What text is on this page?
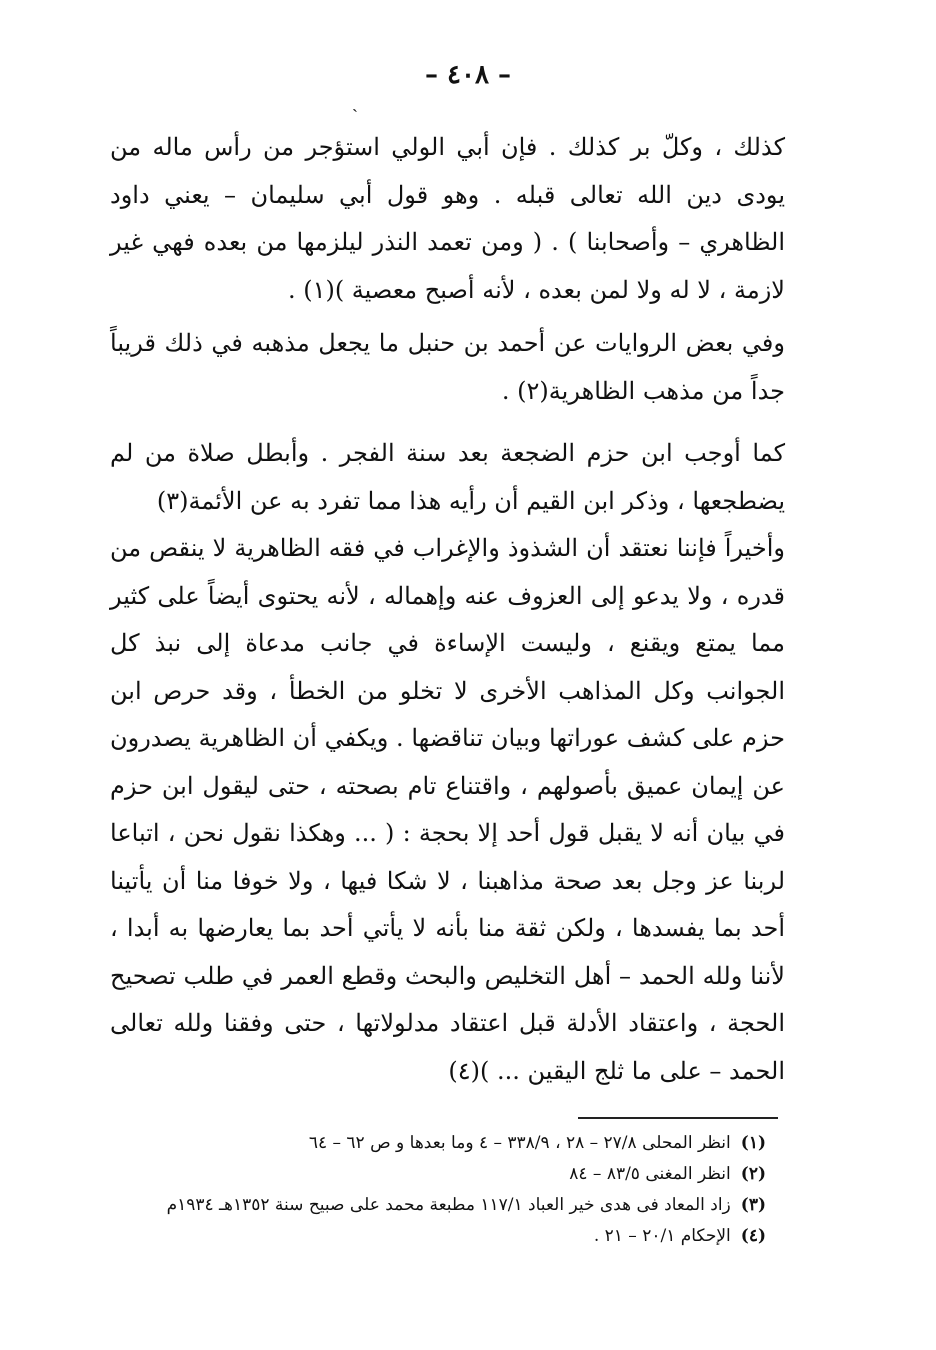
– ٤٠٨ –
ˎ

كذلك ، وكلّ بر كذلك . فإن أبي الولي استؤجر من رأس ماله من يودى دين الله تعالى قبله . وهو قول أبي سليمان – يعني داود الظاهري – وأصحابنا ) . ( ومن تعمد النذر ليلزمها من بعده فهي غير لازمة ، لا له ولا لمن بعده ، لأنه أصبح معصية )(١) .

وفي بعض الروايات عن أحمد بن حنبل ما يجعل مذهبه في ذلك قريباً جداً من مذهب الظاهرية(٢) .

كما أوجب ابن حزم الضجعة بعد سنة الفجر . وأبطل صلاة من لم يضطجعها ، وذكر ابن القيم أن رأيه هذا مما تفرد به عن الأئمة(٣)

وأخيراً فإننا نعتقد أن الشذوذ والإغراب في فقه الظاهرية لا ينقص من قدره ، ولا يدعو إلى العزوف عنه وإهماله ، لأنه يحتوى أيضاً على كثير مما يمتع ويقنع ، وليست الإساءة في جانب مدعاة إلى نبذ كل الجوانب وكل المذاهب الأخرى لا تخلو من الخطأ ، وقد حرص ابن حزم على كشف عوراتها وبيان تناقضها . ويكفي أن الظاهرية يصدرون عن إيمان عميق بأصولهم ، واقتناع تام بصحته ، حتى ليقول ابن حزم في بيان أنه لا يقبل قول أحد إلا بحجة : ( ... وهكذا نقول نحن ، اتباعا لربنا عز وجل بعد صحة مذاهبنا ، لا شكا فيها ، ولا خوفا منا أن يأتينا أحد بما يفسدها ، ولكن ثقة منا بأنه لا يأتي أحد بما يعارضها به أبدا ، لأننا ولله الحمد – أهل التخليص والبحث وقطع العمر في طلب تصحيح الحجة ، واعتقاد الأدلة قبل اعتقاد مدلولاتها ، حتى وفقنا ولله تعالى الحمد – على ما ثلج اليقين ... )(٤)

(١)انظر المحلى ٢٧/٨ – ٢٨ ، ٣٣٨/٩ – ٤ وما بعدها و ص ٦٢ – ٦٤
(٢)انظر المغنى ٨٣/٥ – ٨٤
(٣)زاد المعاد فى هدى خير العباد ١١٧/١ مطبعة محمد على صبيح سنة ١٣٥٢هـ ١٩٣٤م
(٤)الإحكام ٢٠/١ – ٢١ .
